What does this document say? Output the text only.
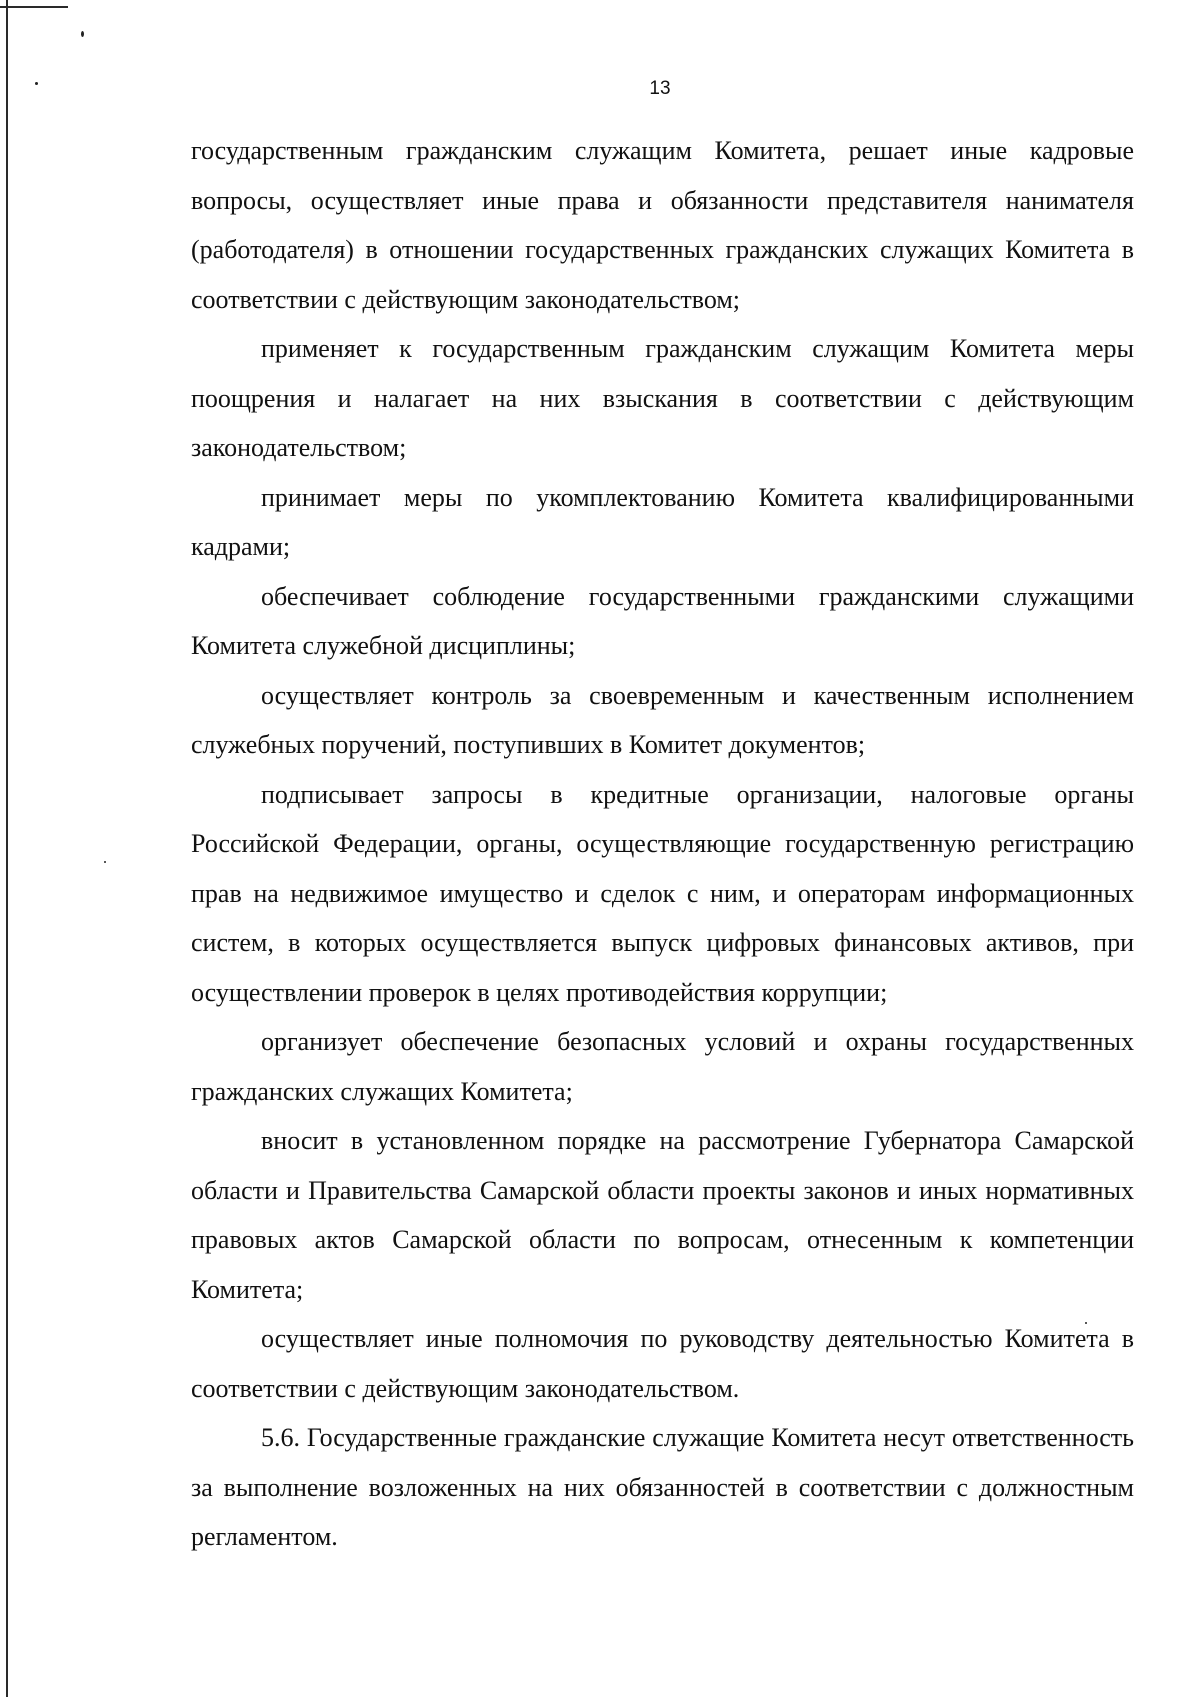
13

государственным гражданским служащим Комитета, решает иные кадровые вопросы, осуществляет иные права и обязанности представителя нанимателя (работодателя) в отношении государственных гражданских служащих Комитета в соответствии с действующим законодательством;

применяет к государственным гражданским служащим Комитета меры поощрения и налагает на них взыскания в соответствии с действующим законодательством;

принимает меры по укомплектованию Комитета квалифицированными кадрами;

обеспечивает соблюдение государственными гражданскими служащими Комитета служебной дисциплины;

осуществляет контроль за своевременным и качественным исполнением служебных поручений, поступивших в Комитет документов;

подписывает запросы в кредитные организации, налоговые органы Российской Федерации, органы, осуществляющие государственную регистрацию прав на недвижимое имущество и сделок с ним, и операторам информационных систем, в которых осуществляется выпуск цифровых финансовых активов, при осуществлении проверок в целях противодействия коррупции;

организует обеспечение безопасных условий и охраны государственных гражданских служащих Комитета;

вносит в установленном порядке на рассмотрение Губернатора Самарской области и Правительства Самарской области проекты законов и иных нормативных правовых актов Самарской области по вопросам, отнесенным к компетенции Комитета;

осуществляет иные полномочия по руководству деятельностью Комитета в соответствии с действующим законодательством.

5.6. Государственные гражданские служащие Комитета несут ответственность за выполнение возложенных на них обязанностей в соответствии с должностным регламентом.
